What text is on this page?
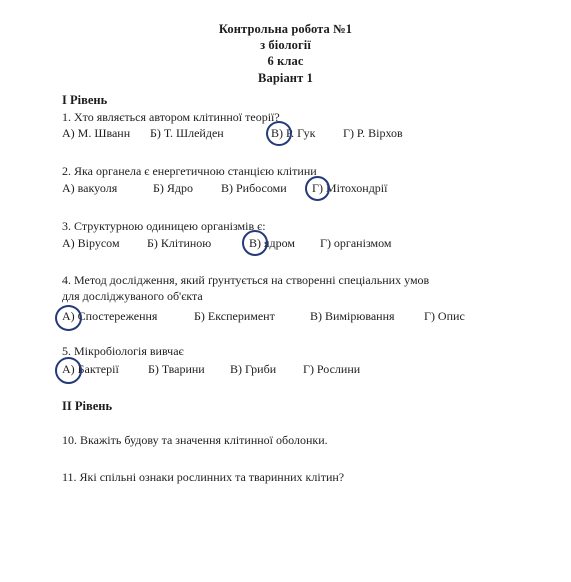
Контрольна робота №1
з біології
6 клас
Варіант 1
І Рівень
1. Хто являється автором клітинної теорії?
А) М. Шванн Б) Т. Шлейден	В) Р. Гук Г) Р. Вірхов
2. Яка органела є енергетичною станцією клітини
А) вакуоля	Б) Ядро В) Рибосоми Г) Мітохондрії
3. Структурною одиницею організмів є:
А) Вірусом Б) Клітиною	В) ядром Г) організмом
4. Метод дослідження, який ґрунтується на створенні спеціальних умов
для досліджуваного об'єкта
А) Спостереження	Б) Експеримент	В) Вимірювання Г) Опис
5. Мікробіологія вивчає
А) Бактерії Б) Тварини В) Гриби Г) Рослини
ІІ Рівень
10. Вкажіть будову та значення клітинної оболонки.
11. Які спільні ознаки рослинних та тваринних клітин?
